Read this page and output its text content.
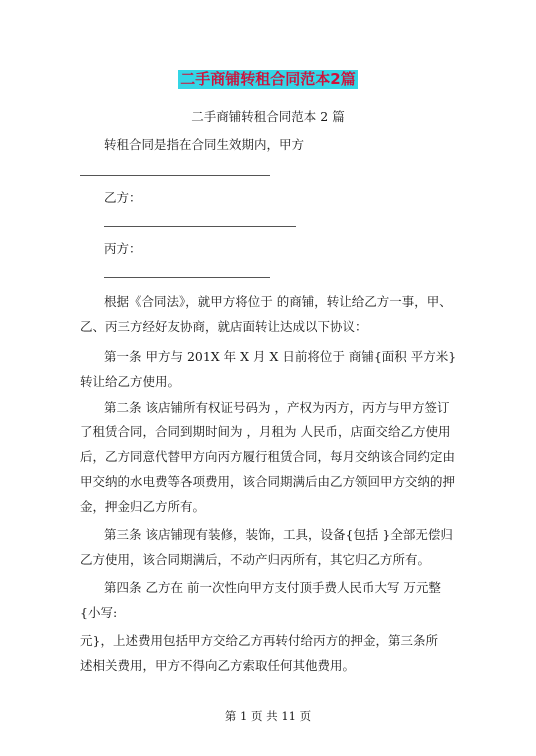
二手商铺转租合同范本2篇
二手商铺转租合同范本 2 篇
转租合同是指在合同生效期内，甲方
乙方：
丙方：
根据《合同法》，就甲方将位于 的商铺，转让给乙方一事，甲、
乙、丙三方经好友协商，就店面转让达成以下协议：
第一条 甲方与 201X 年 X 月 X 日前将位于 商铺{面积 平方米}
转让给乙方使用。
第二条 该店铺所有权证号码为 ，产权为丙方，丙方与甲方签订
了租赁合同，合同到期时间为 ，月租为 人民币，店面交给乙方使用
后，乙方同意代替甲方向丙方履行租赁合同，每月交纳该合同约定由
甲交纳的水电费等各项费用，该合同期满后由乙方领回甲方交纳的押
金，押金归乙方所有。
第三条 该店铺现有装修，装饰，工具，设备{包括 }全部无偿归
乙方使用，该合同期满后，不动产归丙所有，其它归乙方所有。
第四条 乙方在 前一次性向甲方支付顶手费人民币大写 万元整
{小写:
元}，上述费用包括甲方交给乙方再转付给丙方的押金，第三条所
述相关费用，甲方不得向乙方索取任何其他费用。
第 1 页 共 11 页
